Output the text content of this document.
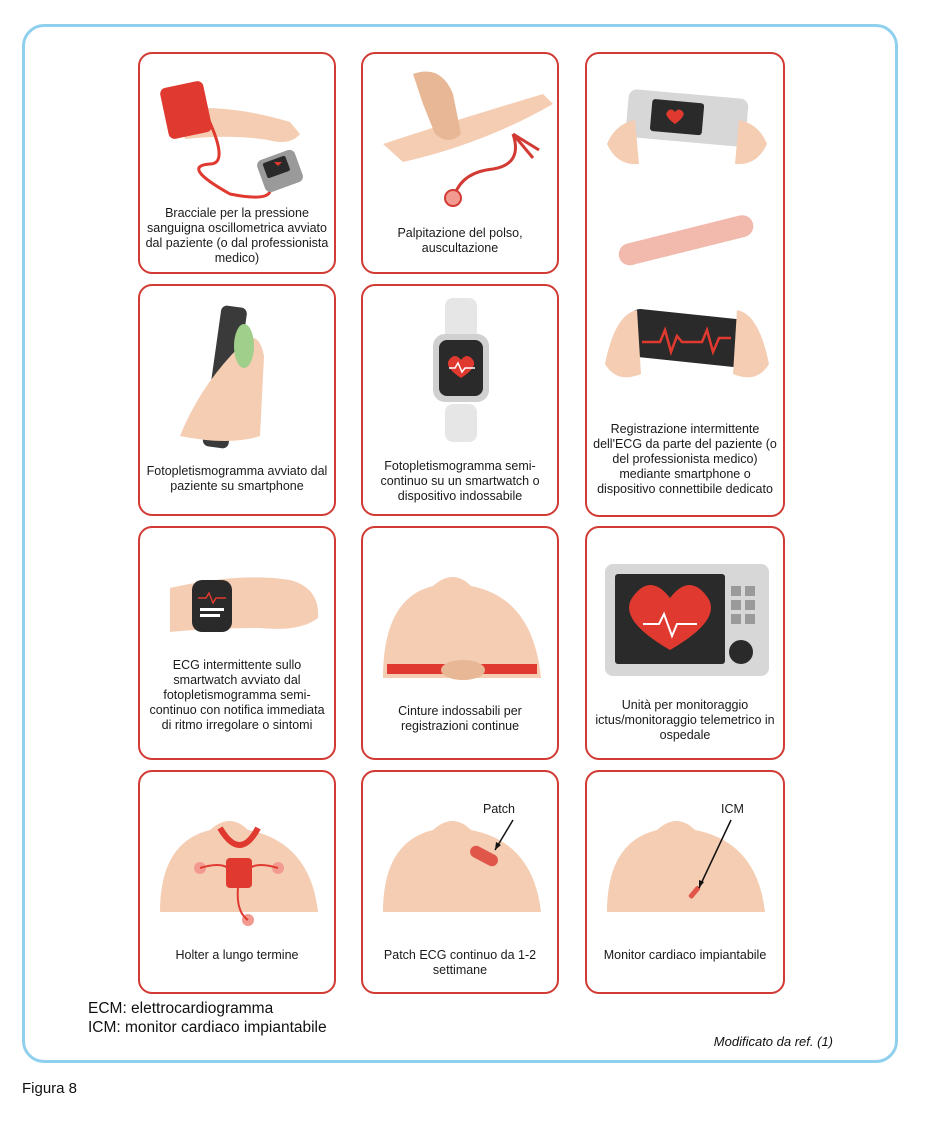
Bracciale per la pressione sanguigna oscillometrica avviato dal paziente (o dal professionista medico)
Palpitazione del polso, auscultazione
Registrazione intermittente dell'ECG da parte del paziente (o del professionista medico) mediante smartphone o dispositivo connettibile dedicato
Fotopletismogramma avviato dal paziente su smartphone
Fotopletismogramma semi-continuo su un smartwatch o dispositivo indossabile
ECG intermittente sullo smartwatch avviato dal fotopletismogramma semi-continuo con notifica immediata di ritmo irregolare o sintomi
Cinture indossabili per registrazioni continue
Unità per monitoraggio ictus/monitoraggio telemetrico in ospedale
Holter a lungo termine
Patch
Patch ECG continuo da 1-2 settimane
ICM
Monitor cardiaco impiantabile
ECM: elettrocardiogramma
ICM: monitor cardiaco impiantabile
Modificato da ref. (1)
Figura 8
